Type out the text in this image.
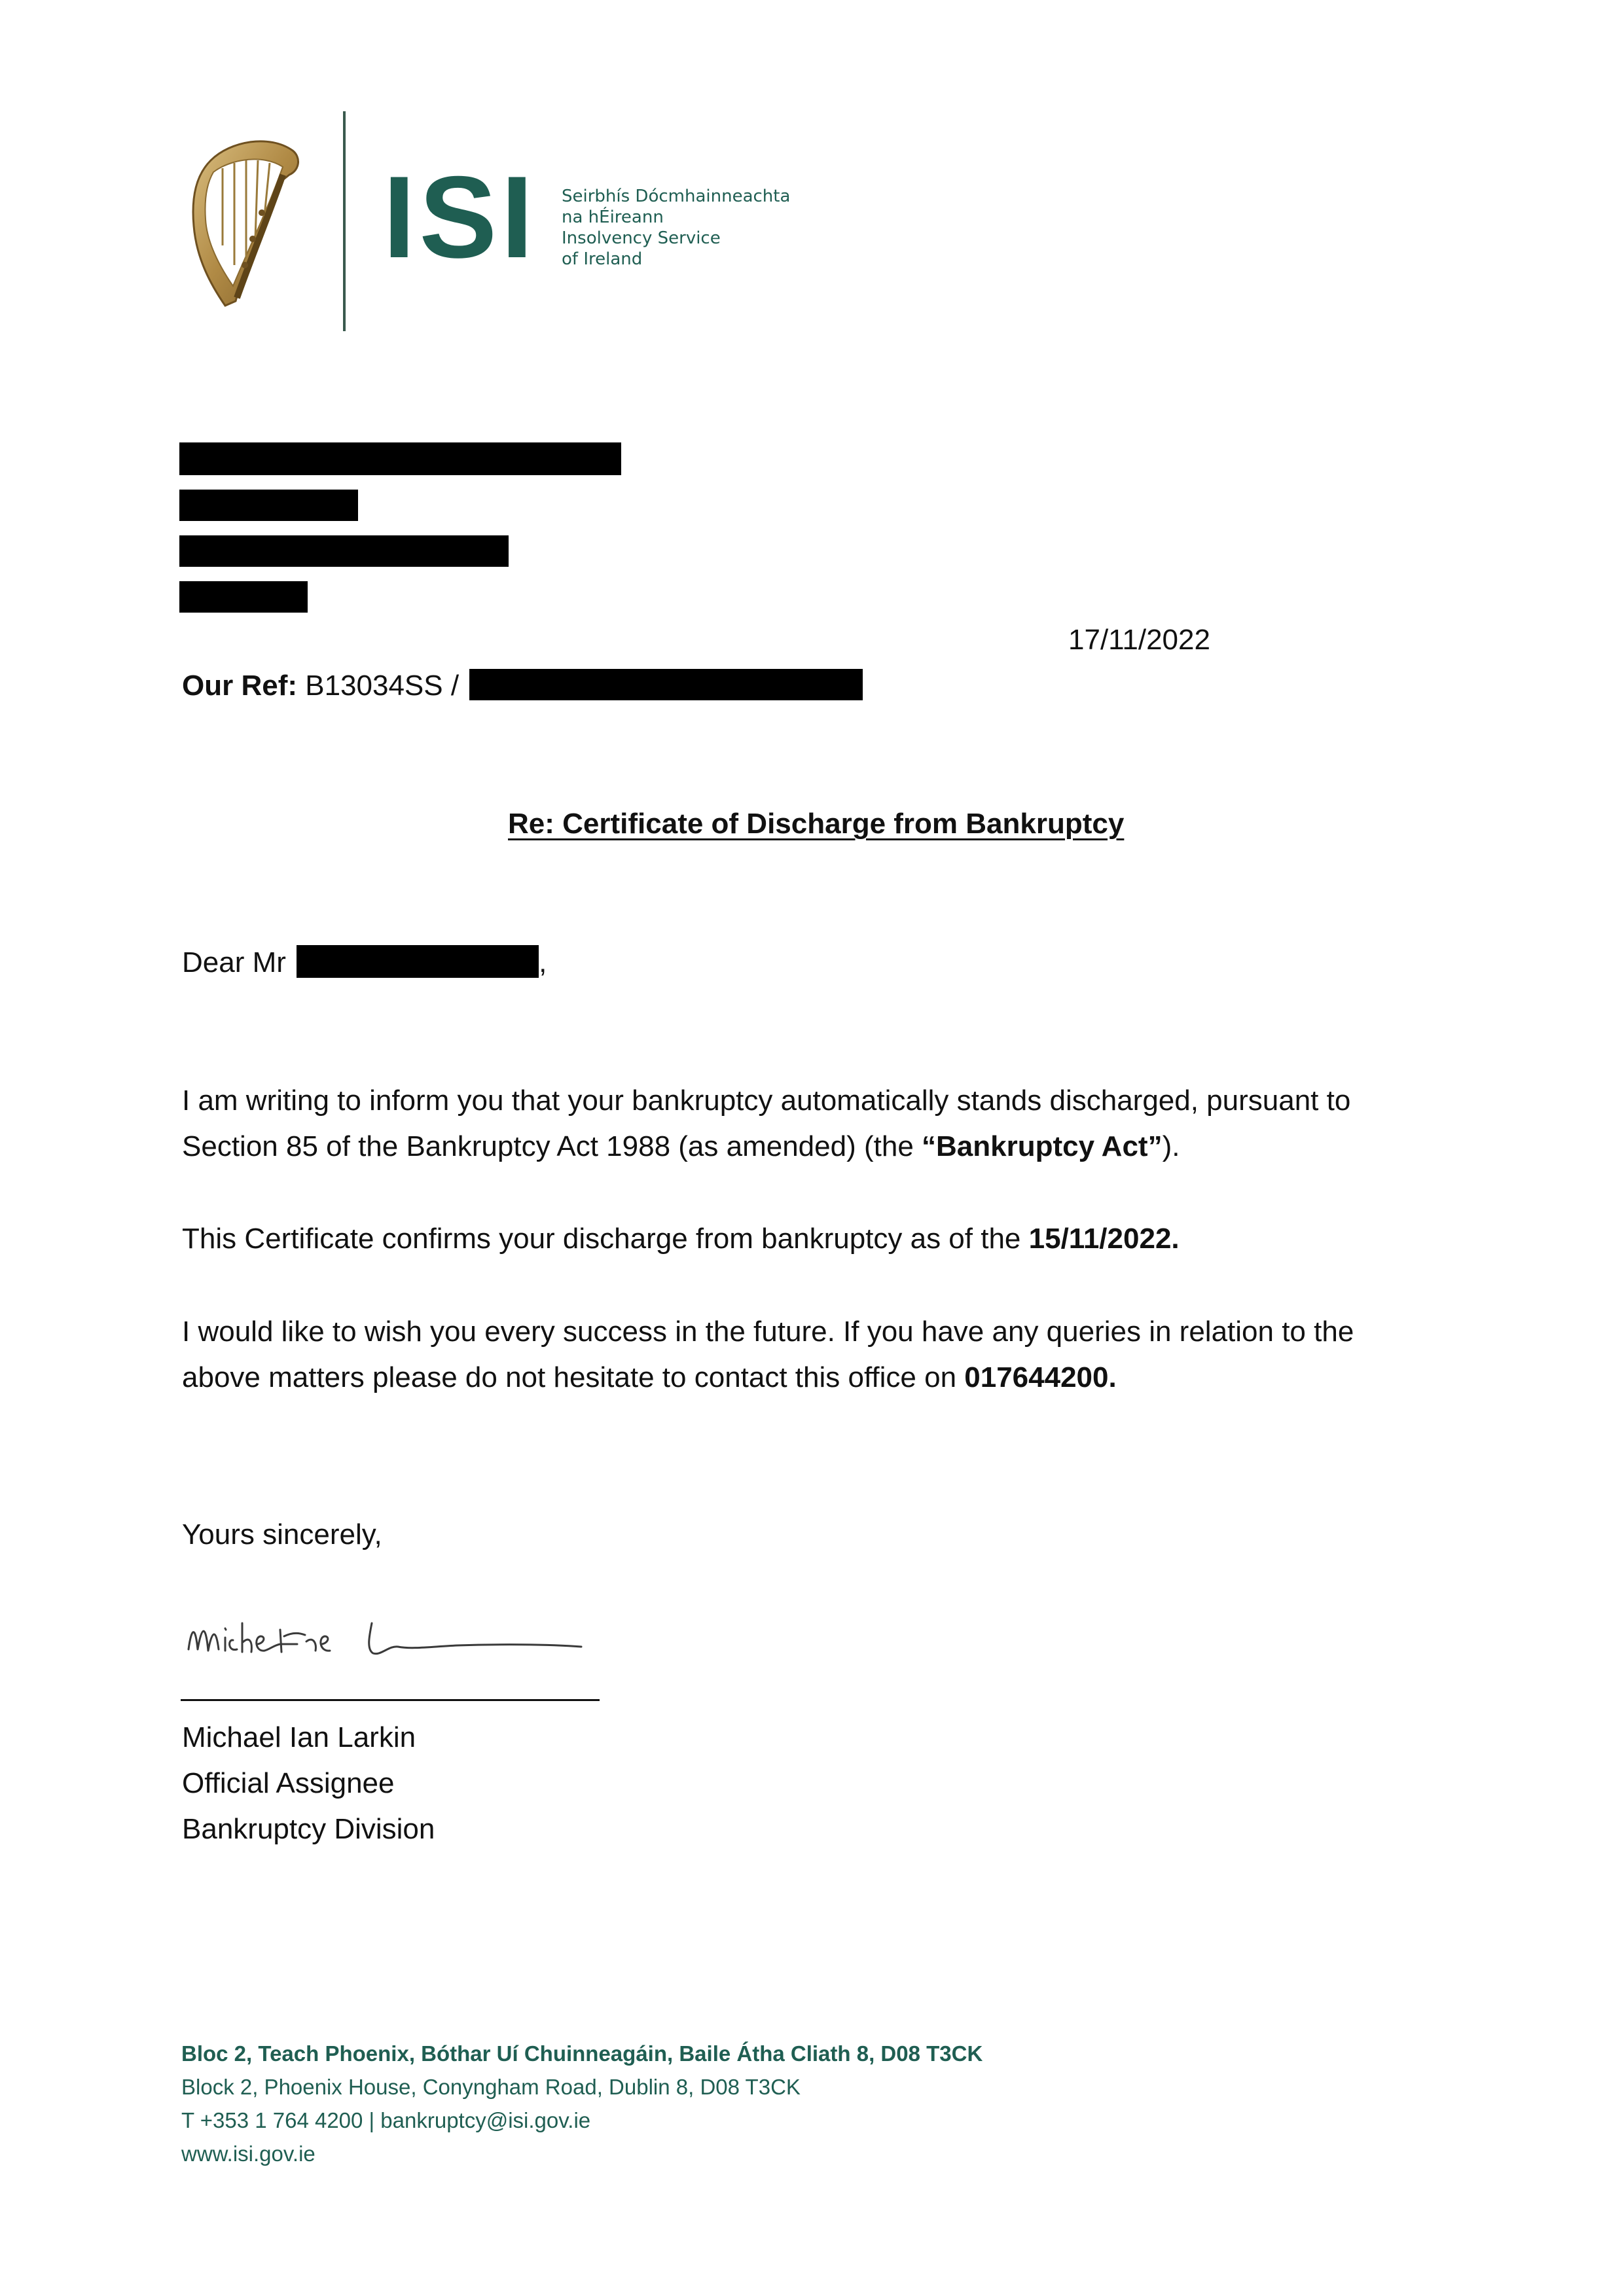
ISI Seirbhís Dócmhainneachta
na hÉireann
Insolvency Service
of Ireland
17/11/2022
Our Ref: B13034SS /
Re: Certificate of Discharge from Bankruptcy
Dear Mr	,
I am writing to inform you that your bankruptcy automatically stands discharged, pursuant to
Section 85 of the Bankruptcy Act 1988 (as amended) (the “Bankruptcy Act”).
This Certificate confirms your discharge from bankruptcy as of the 15/11/2022.
I would like to wish you every success in the future. If you have any queries in relation to the
above matters please do not hesitate to contact this office on 017644200.
Yours sincerely,
Michael Ian Larkin
Official Assignee
Bankruptcy Division
Bloc 2, Teach Phoenix, Bóthar Uí Chuinneagáin, Baile Átha Cliath 8, D08 T3CK
Block 2, Phoenix House, Conyngham Road, Dublin 8, D08 T3CK
T +353 1 764 4200 | bankruptcy@isi.gov.ie
www.isi.gov.ie
